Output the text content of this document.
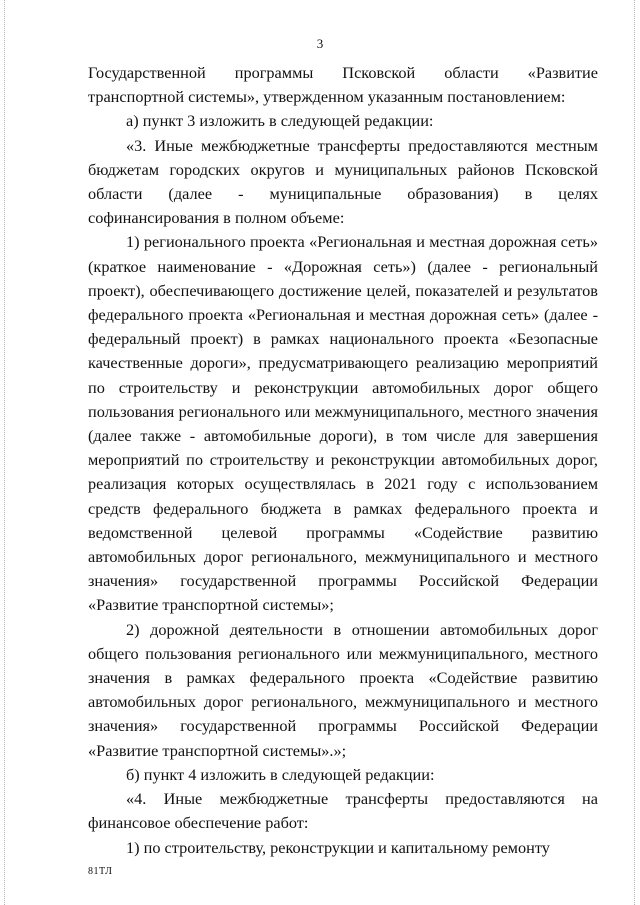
3

Государственной программы Псковской области «Развитие транспортной системы», утвержденном указанным постановлением:

а) пункт 3 изложить в следующей редакции:

«3. Иные межбюджетные трансферты предоставляются местным бюджетам городских округов и муниципальных районов Псковской области (далее - муниципальные образования) в целях софинансирования в полном объеме:

1) регионального проекта «Региональная и местная дорожная сеть» (краткое наименование - «Дорожная сеть») (далее - региональный проект), обеспечивающего достижение целей, показателей и результатов федерального проекта «Региональная и местная дорожная сеть» (далее - федеральный проект) в рамках национального проекта «Безопасные качественные дороги», предусматривающего реализацию мероприятий по строительству и реконструкции автомобильных дорог общего пользования регионального или межмуниципального, местного значения (далее также - автомобильные дороги), в том числе для завершения мероприятий по строительству и реконструкции автомобильных дорог, реализация которых осуществлялась в 2021 году с использованием средств федерального бюджета в рамках федерального проекта и ведомственной целевой программы «Содействие развитию автомобильных дорог регионального, межмуниципального и местного значения» государственной программы Российской Федерации «Развитие транспортной системы»;

2) дорожной деятельности в отношении автомобильных дорог общего пользования регионального или межмуниципального, местного значения в рамках федерального проекта «Содействие развитию автомобильных дорог регионального, межмуниципального и местного значения» государственной программы Российской Федерации «Развитие транспортной системы».»;

б) пункт 4 изложить в следующей редакции:

«4. Иные межбюджетные трансферты предоставляются на финансовое обеспечение работ:

1) по строительству, реконструкции и капитальному ремонту

81ТЛ
